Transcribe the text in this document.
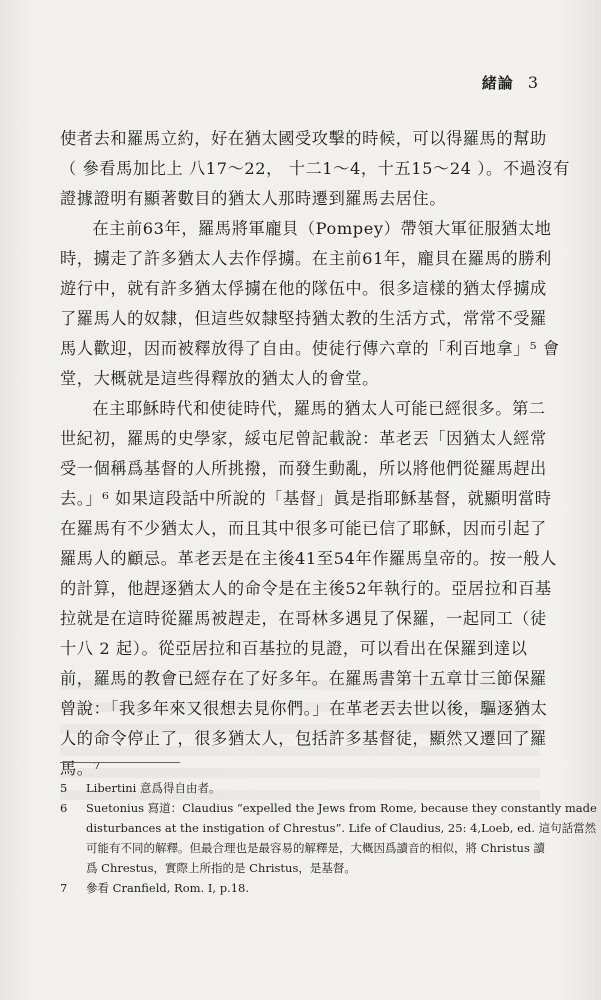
緒論 3
使者去和羅馬立約，好在猶太國受攻擊的時候，可以得羅馬的幫助
（ 參看馬加比上 八17～22， 十二1～4，十五15～24 ）。不過沒有
證據證明有顯著數目的猶太人那時遷到羅馬去居住。
在主前63年，羅馬將軍龐貝（Pompey）帶領大軍征服猶太地
時，擄走了許多猶太人去作俘擄。在主前61年，龐貝在羅馬的勝利
遊行中，就有許多猶太俘擄在他的隊伍中。很多這樣的猶太俘擄成
了羅馬人的奴隸，但這些奴隸堅持猶太教的生活方式，常常不受羅
馬人歡迎，因而被釋放得了自由。使徒行傳六章的「利百地拿」⁵ 會
堂，大概就是這些得釋放的猶太人的會堂。
在主耶穌時代和使徒時代，羅馬的猶太人可能已經很多。第二
世紀初，羅馬的史學家，綏屯尼曾記載說：革老丟「因猶太人經常
受一個稱爲基督的人所挑撥，而發生動亂，所以將他們從羅馬趕出
去。」⁶ 如果這段話中所說的「基督」眞是指耶穌基督，就顯明當時
在羅馬有不少猶太人，而且其中很多可能已信了耶穌，因而引起了
羅馬人的顧忌。革老丟是在主後41至54年作羅馬皇帝的。按一般人
的計算，他趕逐猶太人的命令是在主後52年執行的。亞居拉和百基
拉就是在這時從羅馬被趕走，在哥林多遇見了保羅，一起同工（徒
十八 2 起）。從亞居拉和百基拉的見證，可以看出在保羅到達以
前，羅馬的教會已經存在了好多年。在羅馬書第十五章廿三節保羅
曾說：「我多年來又很想去見你們。」在革老丟去世以後，驅逐猶太
人的命令停止了，很多猶太人，包括許多基督徒，顯然又遷回了羅
馬。⁷
5 Libertini 意爲得自由者。
6 Suetonius 寫道：Claudius “expelled the Jews from Rome, because they constantly made
disturbances at the instigation of Chrestus”. Life of Claudius, 25: 4,Loeb, ed. 這句話當然
可能有不同的解釋。但最合理也是最容易的解釋是，大概因爲讀音的相似，將 Christus 讀
爲 Chrestus，實際上所指的是 Christus，是基督。
7 參看 Cranfield, Rom. I, p.18.
